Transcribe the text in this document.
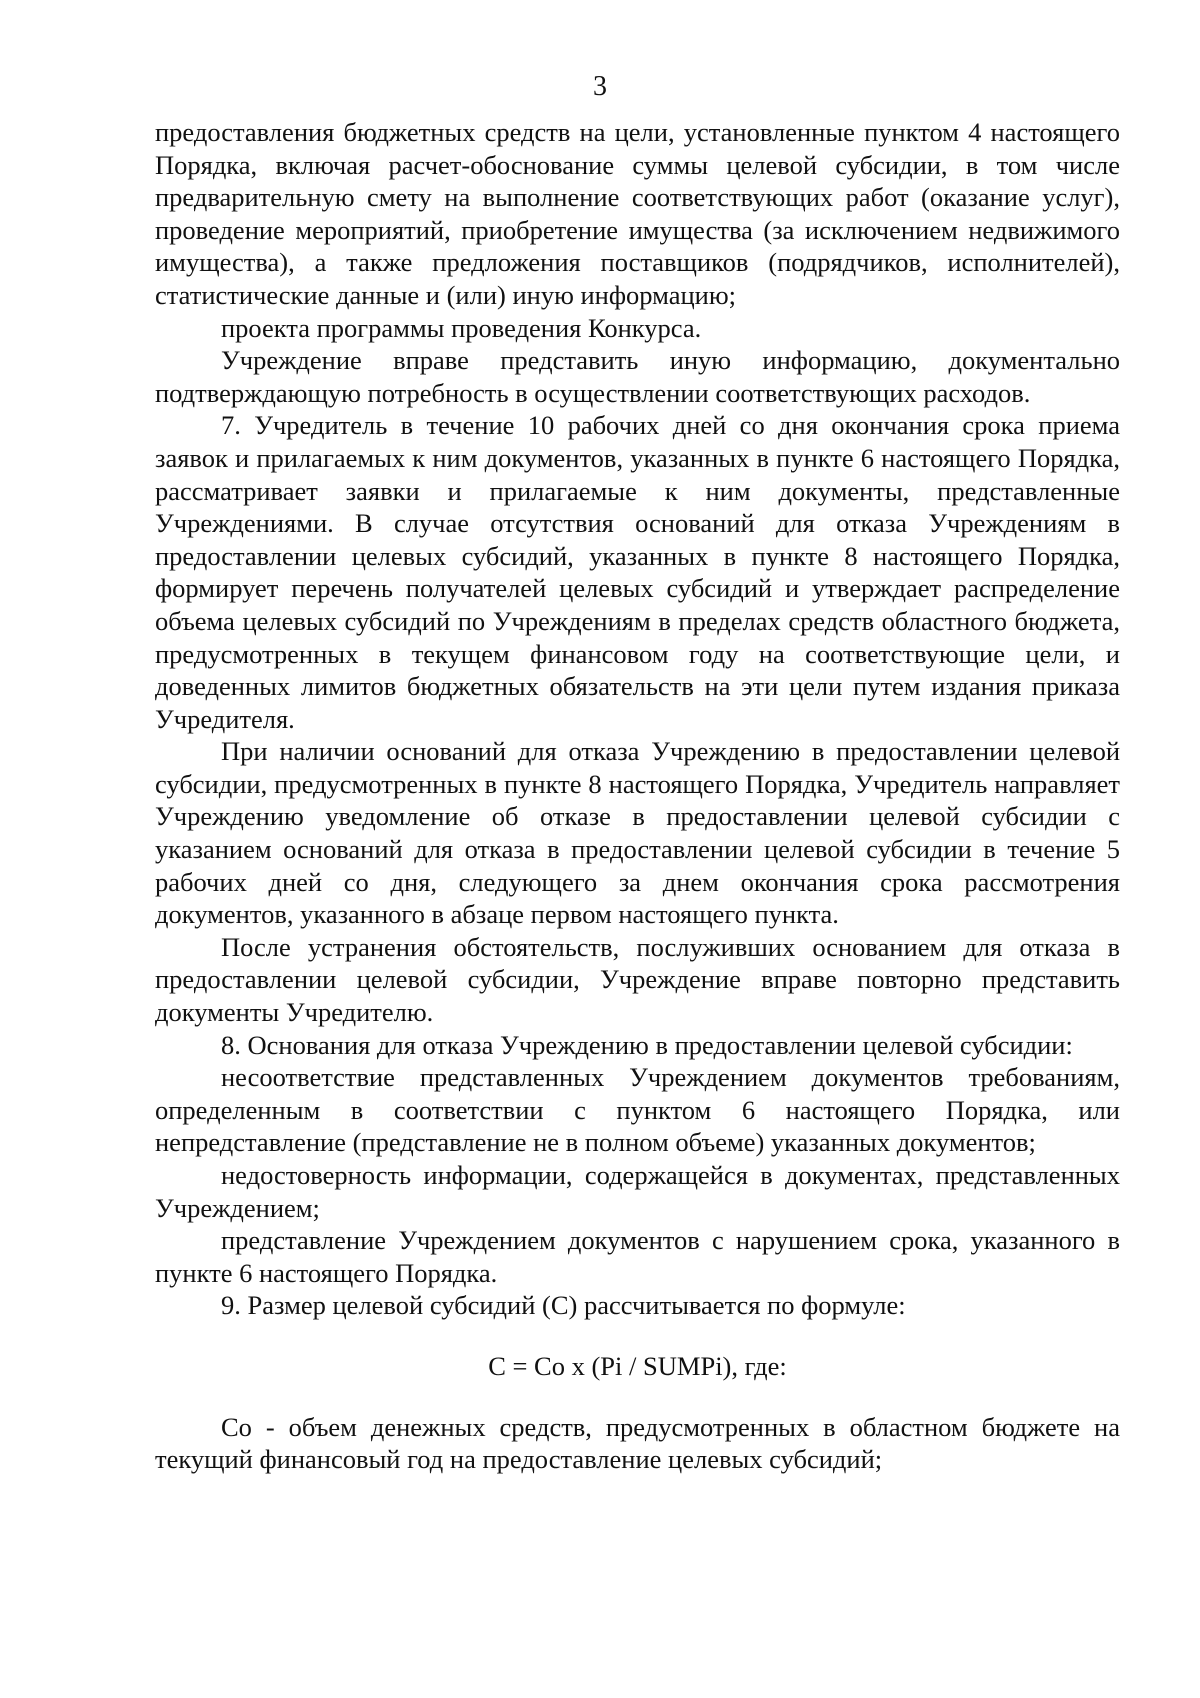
3

предоставления бюджетных средств на цели, установленные пунктом 4 настоящего Порядка, включая расчет-обоснование суммы целевой субсидии, в том числе предварительную смету на выполнение соответствующих работ (оказание услуг), проведение мероприятий, приобретение имущества (за исключением недвижимого имущества), а также предложения поставщиков (подрядчиков, исполнителей), статистические данные и (или) иную информацию;

проекта программы проведения Конкурса.

Учреждение вправе представить иную информацию, документально подтверждающую потребность в осуществлении соответствующих расходов.

7. Учредитель в течение 10 рабочих дней со дня окончания срока приема заявок и прилагаемых к ним документов, указанных в пункте 6 настоящего Порядка, рассматривает заявки и прилагаемые к ним документы, представленные Учреждениями. В случае отсутствия оснований для отказа Учреждениям в предоставлении целевых субсидий, указанных в пункте 8 настоящего Порядка, формирует перечень получателей целевых субсидий и утверждает распределение объема целевых субсидий по Учреждениям в пределах средств областного бюджета, предусмотренных в текущем финансовом году на соответствующие цели, и доведенных лимитов бюджетных обязательств на эти цели путем издания приказа Учредителя.

При наличии оснований для отказа Учреждению в предоставлении целевой субсидии, предусмотренных в пункте 8 настоящего Порядка, Учредитель направляет Учреждению уведомление об отказе в предоставлении целевой субсидии с указанием оснований для отказа в предоставлении целевой субсидии в течение 5 рабочих дней со дня, следующего за днем окончания срока рассмотрения документов, указанного в абзаце первом настоящего пункта.

После устранения обстоятельств, послуживших основанием для отказа в предоставлении целевой субсидии, Учреждение вправе повторно представить документы Учредителю.

8. Основания для отказа Учреждению в предоставлении целевой субсидии:

несоответствие представленных Учреждением документов требованиям, определенным в соответствии с пунктом 6 настоящего Порядка, или непредставление (представление не в полном объеме) указанных документов;

недостоверность информации, содержащейся в документах, представленных Учреждением;

представление Учреждением документов с нарушением срока, указанного в пункте 6 настоящего Порядка.

9. Размер целевой субсидий (С) рассчитывается по формуле:

С = Со х (Pi / SUMPi), где:

Со - объем денежных средств, предусмотренных в областном бюджете на текущий финансовый год на предоставление целевых субсидий;
